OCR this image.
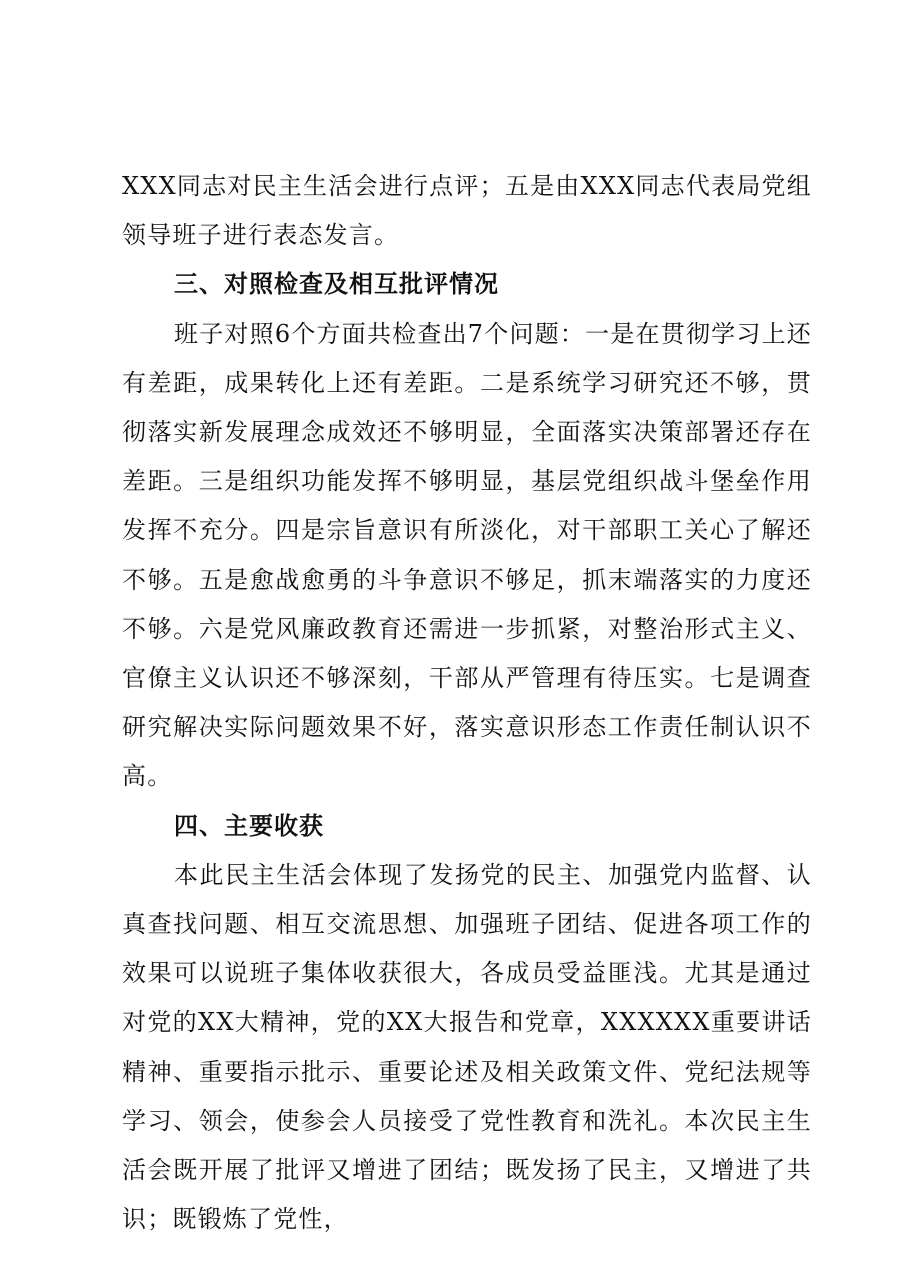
XXX同志对民主生活会进行点评；五是由XXX同志代表局党组领导班子进行表态发言。

三、对照检查及相互批评情况

班子对照6个方面共检查出7个问题：一是在贯彻学习上还有差距，成果转化上还有差距。二是系统学习研究还不够，贯彻落实新发展理念成效还不够明显，全面落实决策部署还存在差距。三是组织功能发挥不够明显，基层党组织战斗堡垒作用发挥不充分。四是宗旨意识有所淡化，对干部职工关心了解还不够。五是愈战愈勇的斗争意识不够足，抓末端落实的力度还不够。六是党风廉政教育还需进一步抓紧，对整治形式主义、官僚主义认识还不够深刻，干部从严管理有待压实。七是调查研究解决实际问题效果不好，落实意识形态工作责任制认识不高。

四、主要收获

本此民主生活会体现了发扬党的民主、加强党内监督、认真查找问题、相互交流思想、加强班子团结、促进各项工作的效果可以说班子集体收获很大，各成员受益匪浅。尤其是通过对党的XX大精神，党的XX大报告和党章，XXXXXX重要讲话精神、重要指示批示、重要论述及相关政策文件、党纪法规等学习、领会，使参会人员接受了党性教育和洗礼。本次民主生活会既开展了批评又增进了团结；既发扬了民主，又增进了共识；既锻炼了党性，
